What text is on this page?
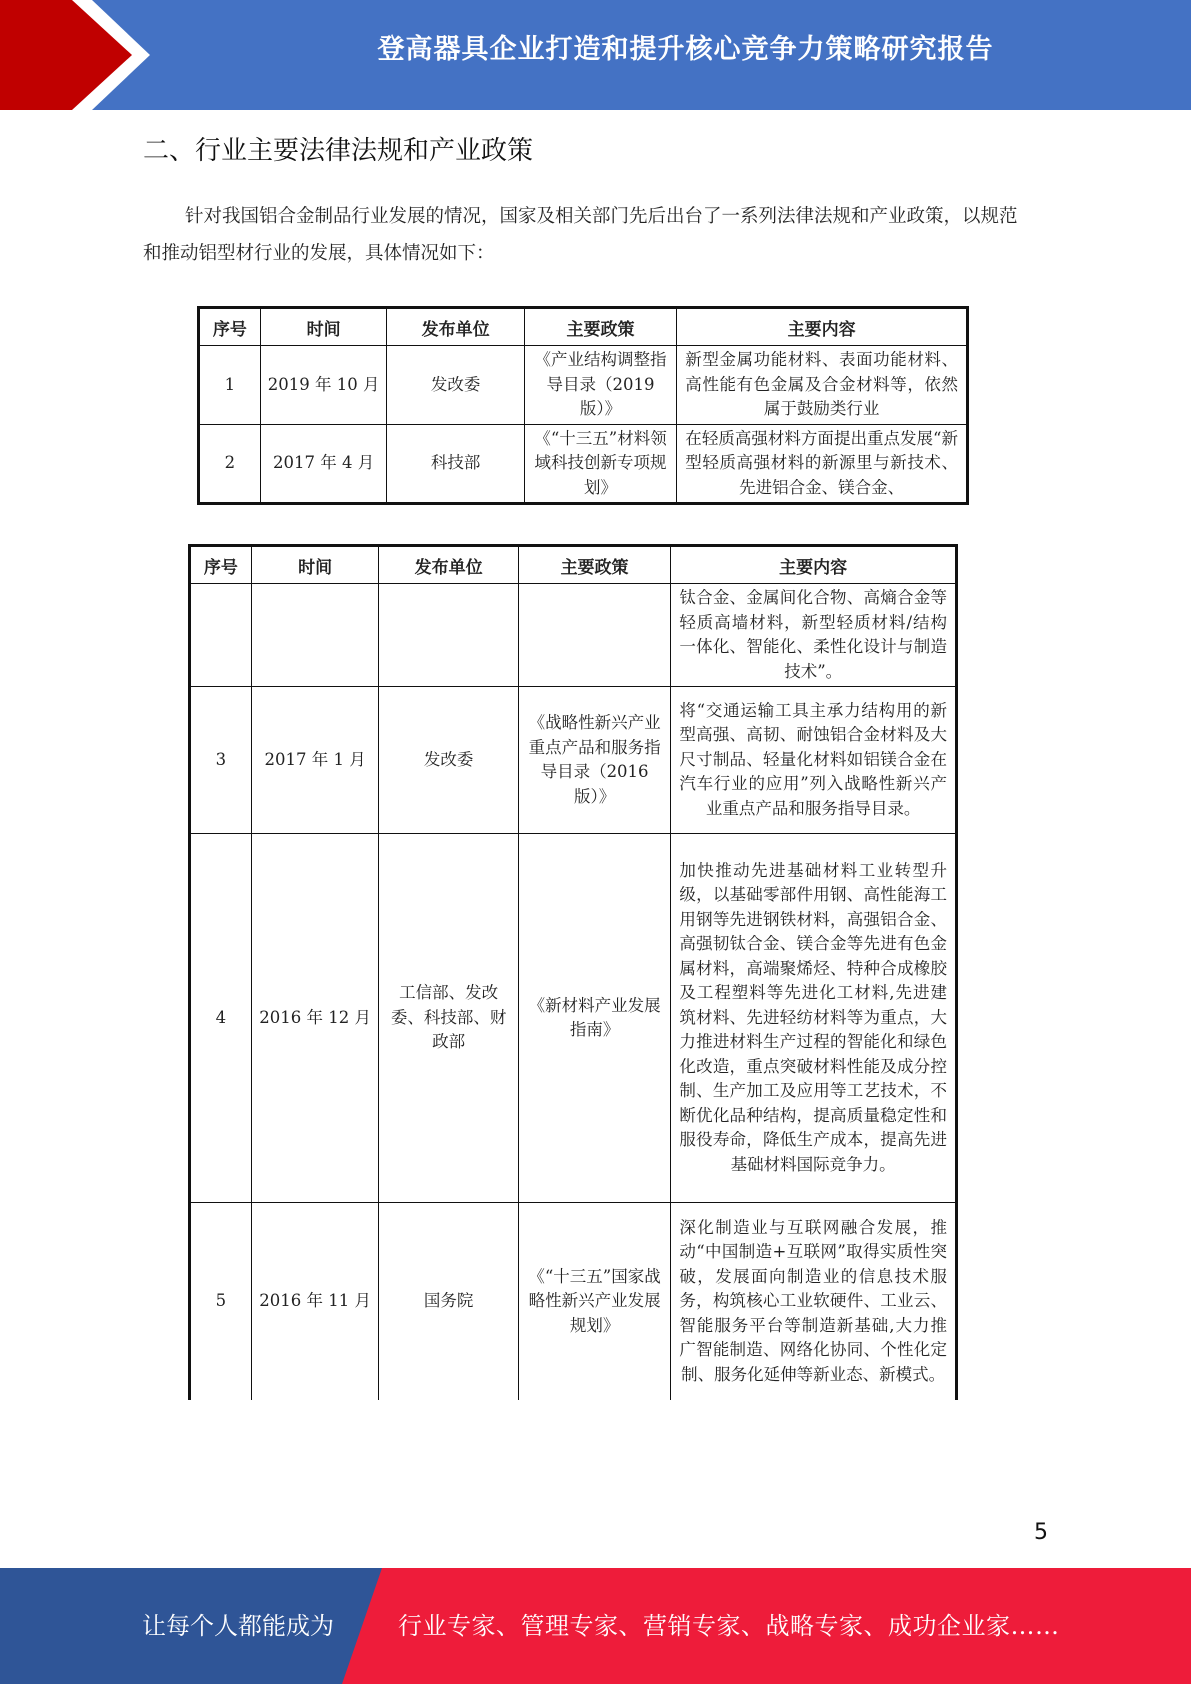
登高器具企业打造和提升核心竞争力策略研究报告
二、行业主要法律法规和产业政策
针对我国铝合金制品行业发展的情况，国家及相关部门先后出台了一系列法律法规和产业政策，以规范和推动铝型材行业的发展，具体情况如下：
序号	时间	发布单位	主要政策	主要内容
1	2019 年 10 月	发改委	《产业结构调整指导目录（2019版）》	新型金属功能材料、表面功能材料、高性能有色金属及合金材料等，依然属于鼓励类行业
2	2017 年 4 月	科技部	《“十三五”材料领域科技创新专项规划》	在轻质高强材料方面提出重点发展“新型轻质高强材料的新源里与新技术、先进铝合金、镁合金、
序号	时间	发布单位	主要政策	主要内容
				钛合金、金属间化合物、高熵合金等轻质高墙材料，新型轻质材料/结构一体化、智能化、柔性化设计与制造技术”。
3	2017 年 1 月	发改委	《战略性新兴产业重点产品和服务指导目录（2016 版）》	将“交通运输工具主承力结构用的新型高强、高韧、耐蚀铝合金材料及大尺寸制品、轻量化材料如铝镁合金在汽车行业的应用”列入战略性新兴产业重点产品和服务指导目录。
4	2016 年 12 月	工信部、发改委、科技部、财政部	《新材料产业发展指南》	加快推动先进基础材料工业转型升级，以基础零部件用钢、高性能海工用钢等先进钢铁材料，高强铝合金、高强韧钛合金、镁合金等先进有色金属材料，高端聚烯烃、特种合成橡胶及工程塑料等先进化工材料,先进建筑材料、先进轻纺材料等为重点，大力推进材料生产过程的智能化和绿色化改造，重点突破材料性能及成分控制、生产加工及应用等工艺技术，不断优化品种结构，提高质量稳定性和服役寿命，降低生产成本，提高先进基础材料国际竞争力。
5	2016 年 11 月	国务院	《“十三五”国家战略性新兴产业发展规划》	深化制造业与互联网融合发展，推动“中国制造+互联网”取得实质性突破，发展面向制造业的信息技术服务，构筑核心工业软硬件、工业云、智能服务平台等制造新基础,大力推广智能制造、网络化协同、个性化定制、服务化延伸等新业态、新模式。
5
让每个人都能成为	行业专家、管理专家、营销专家、战略专家、成功企业家……
